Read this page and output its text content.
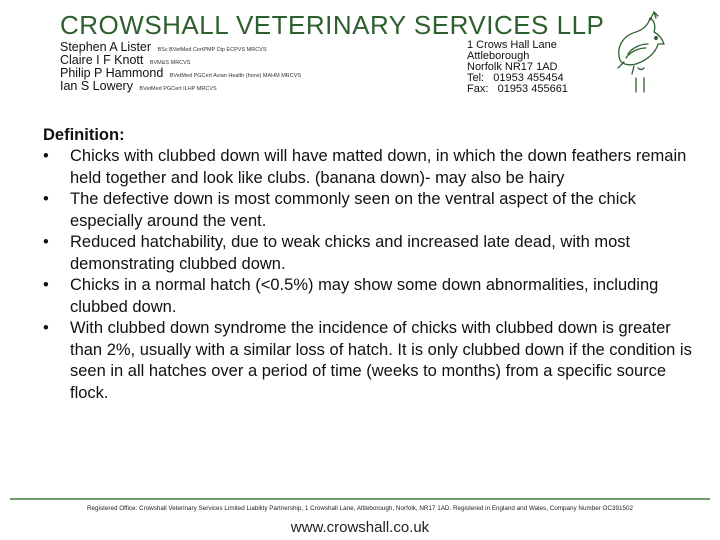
CROWSHALL VETERINARY SERVICES LLP
Stephen A Lister BSc BVetMed CertPMP Dip ECPVS MRCVS
Claire I F Knott BVM&S MRCVS
Philip P Hammond BVetMed PGCert Avian Health (hons) MAHM MRCVS
Ian S Lowery BVetMed PGCert ILHP MRCVS
1 Crows Hall Lane
Attleborough
Norfolk NR17 1AD
Tel: 01953 455454
Fax: 01953 455661
Definition:
• Chicks with clubbed down will have matted down, in which the down feathers remain held together and look like clubs. (banana down)- may also be hairy
• The defective down is most commonly seen on the ventral aspect of the chick especially around the vent.
• Reduced hatchability, due to weak chicks and increased late dead, with most demonstrating clubbed down.
• Chicks in a normal hatch (<0.5%) may show some down abnormalities, including clubbed down.
• With clubbed down syndrome the incidence of chicks with clubbed down is greater than 2%, usually with a similar loss of hatch. It is only clubbed down if the condition is seen in all hatches over a period of time (weeks to months) from a specific source flock.
Registered Office: Crowshall Veterinary Services Limited Liability Partnership, 1 Crowshall Lane, Attleborough, Norfolk, NR17 1AD. Registered in England and Wales, Company Number OC391502
www.crowshall.co.uk
